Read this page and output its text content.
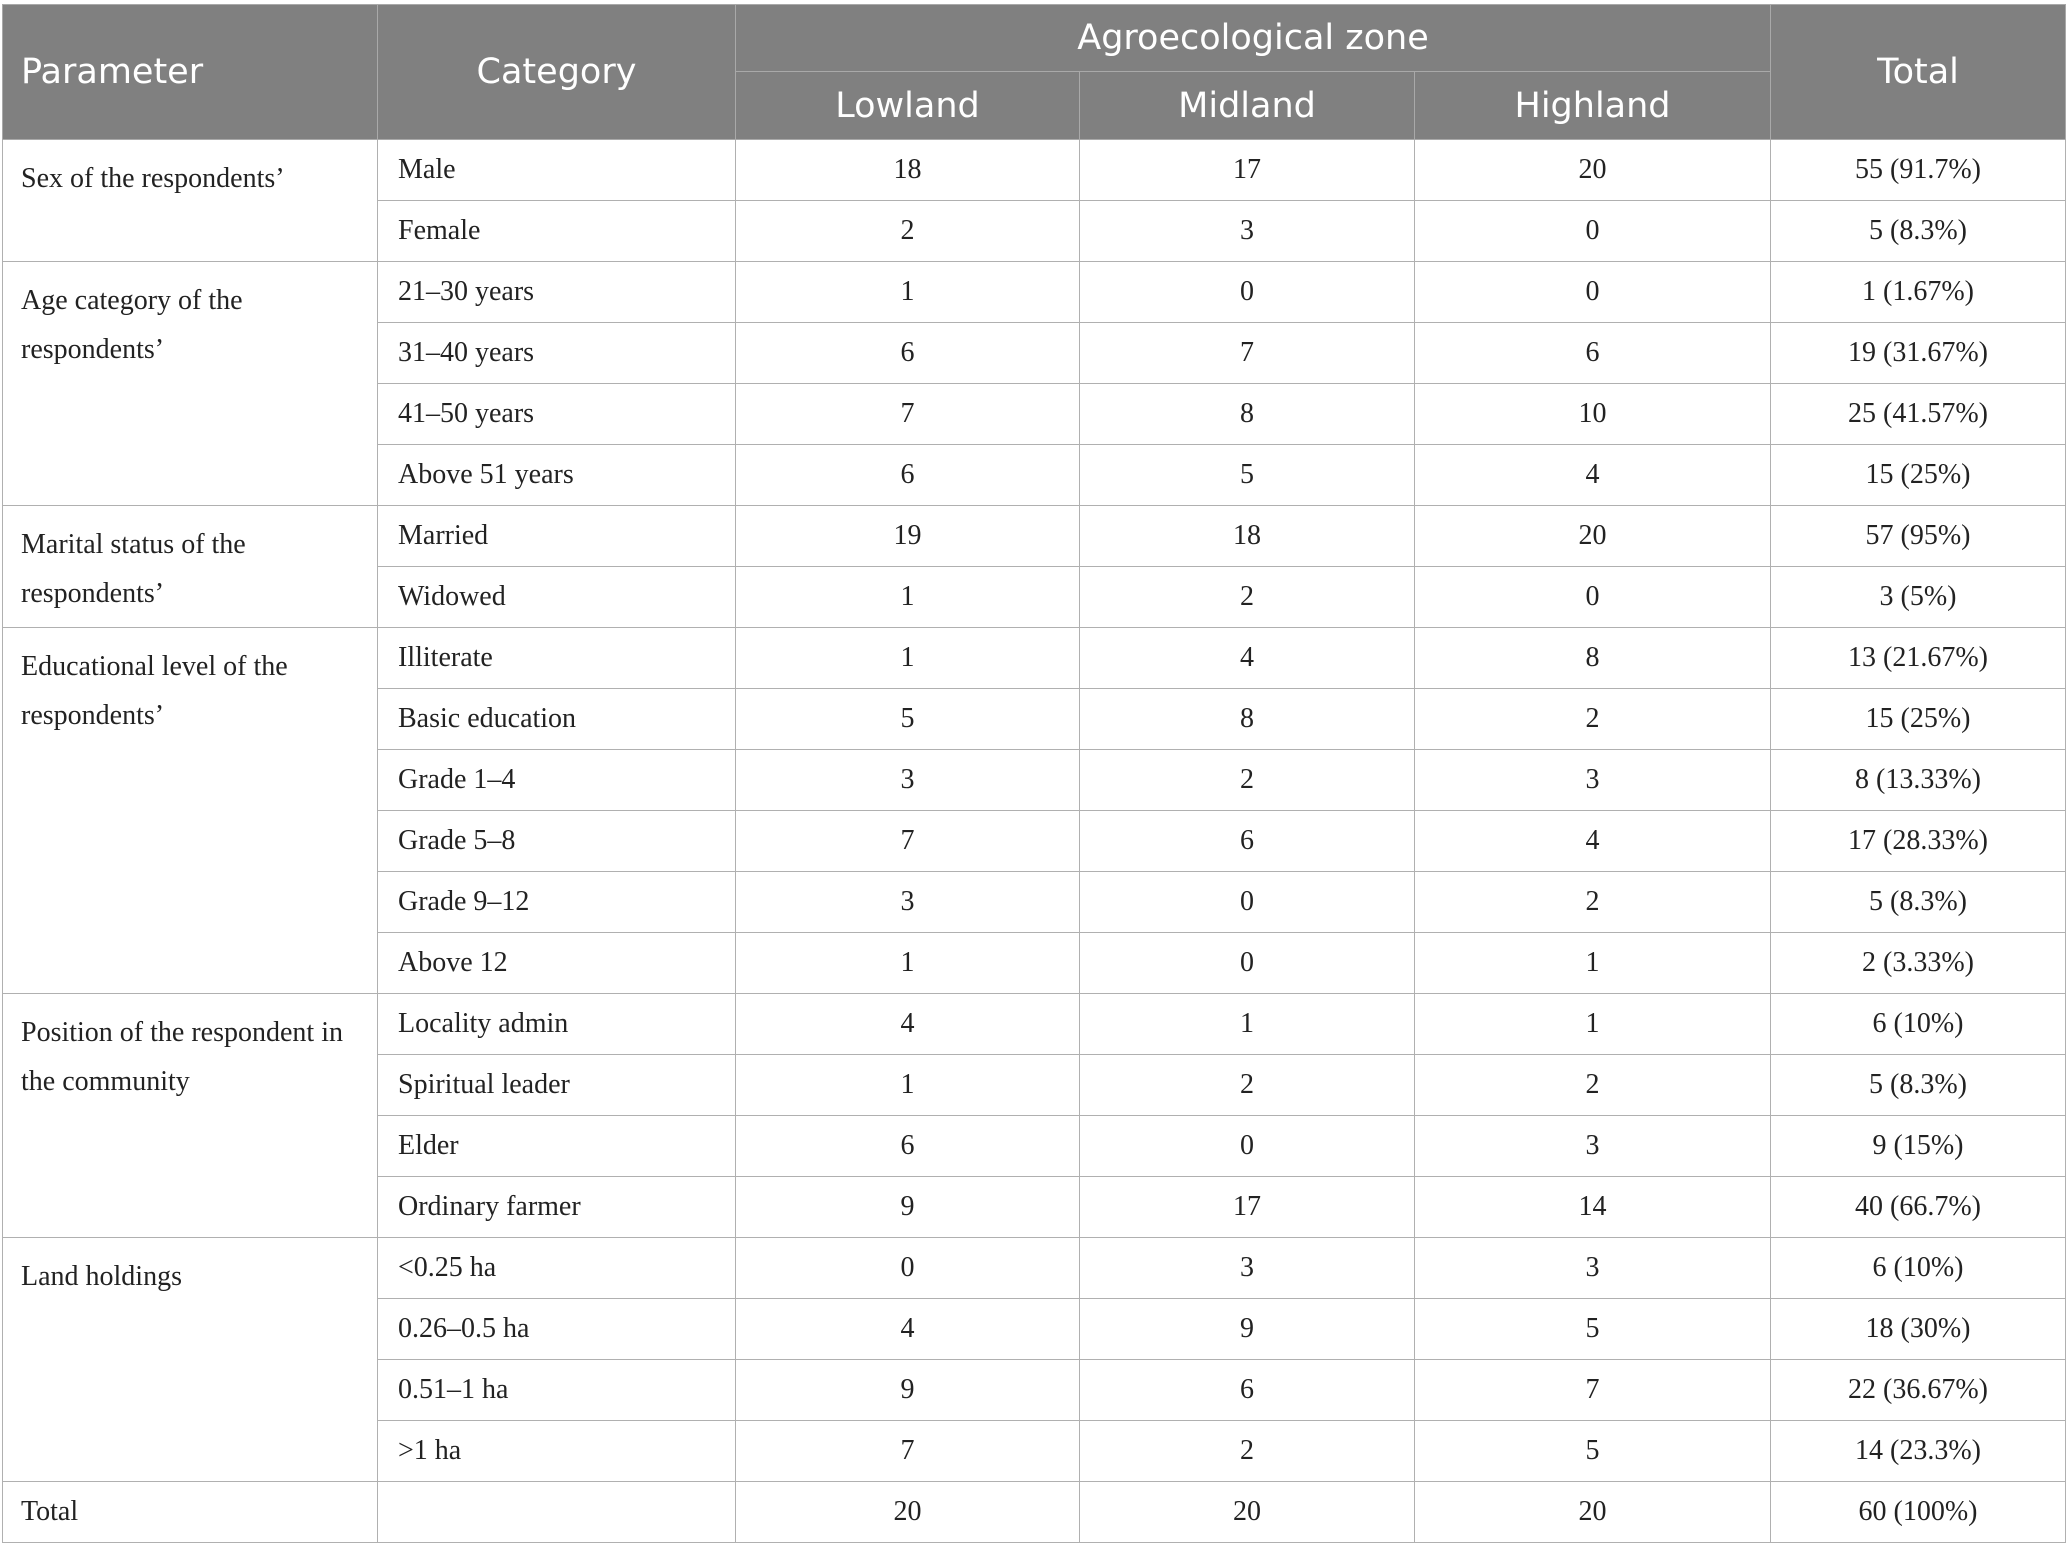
Parameter	Category	Agroecological zone			Total
		Lowland	Midland	Highland	
Sex of the respondents’	Male	18	17	20	55 (91.7%)
	Female	2	3	0	5 (8.3%)
Age category of the respondents’	21–30 years	1	0	0	1 (1.67%)
	31–40 years	6	7	6	19 (31.67%)
	41–50 years	7	8	10	25 (41.57%)
	Above 51 years	6	5	4	15 (25%)
Marital status of the respondents’	Married	19	18	20	57 (95%)
	Widowed	1	2	0	3 (5%)
Educational level of the respondents’	Illiterate	1	4	8	13 (21.67%)
	Basic education	5	8	2	15 (25%)
	Grade 1–4	3	2	3	8 (13.33%)
	Grade 5–8	7	6	4	17 (28.33%)
	Grade 9–12	3	0	2	5 (8.3%)
	Above 12	1	0	1	2 (3.33%)
Position of the respondent in the community	Locality admin	4	1	1	6 (10%)
	Spiritual leader	1	2	2	5 (8.3%)
	Elder	6	0	3	9 (15%)
	Ordinary farmer	9	17	14	40 (66.7%)
Land holdings	<0.25 ha	0	3	3	6 (10%)
	0.26–0.5 ha	4	9	5	18 (30%)
	0.51–1 ha	9	6	7	22 (36.67%)
	>1 ha	7	2	5	14 (23.3%)
Total		20	20	20	60 (100%)
